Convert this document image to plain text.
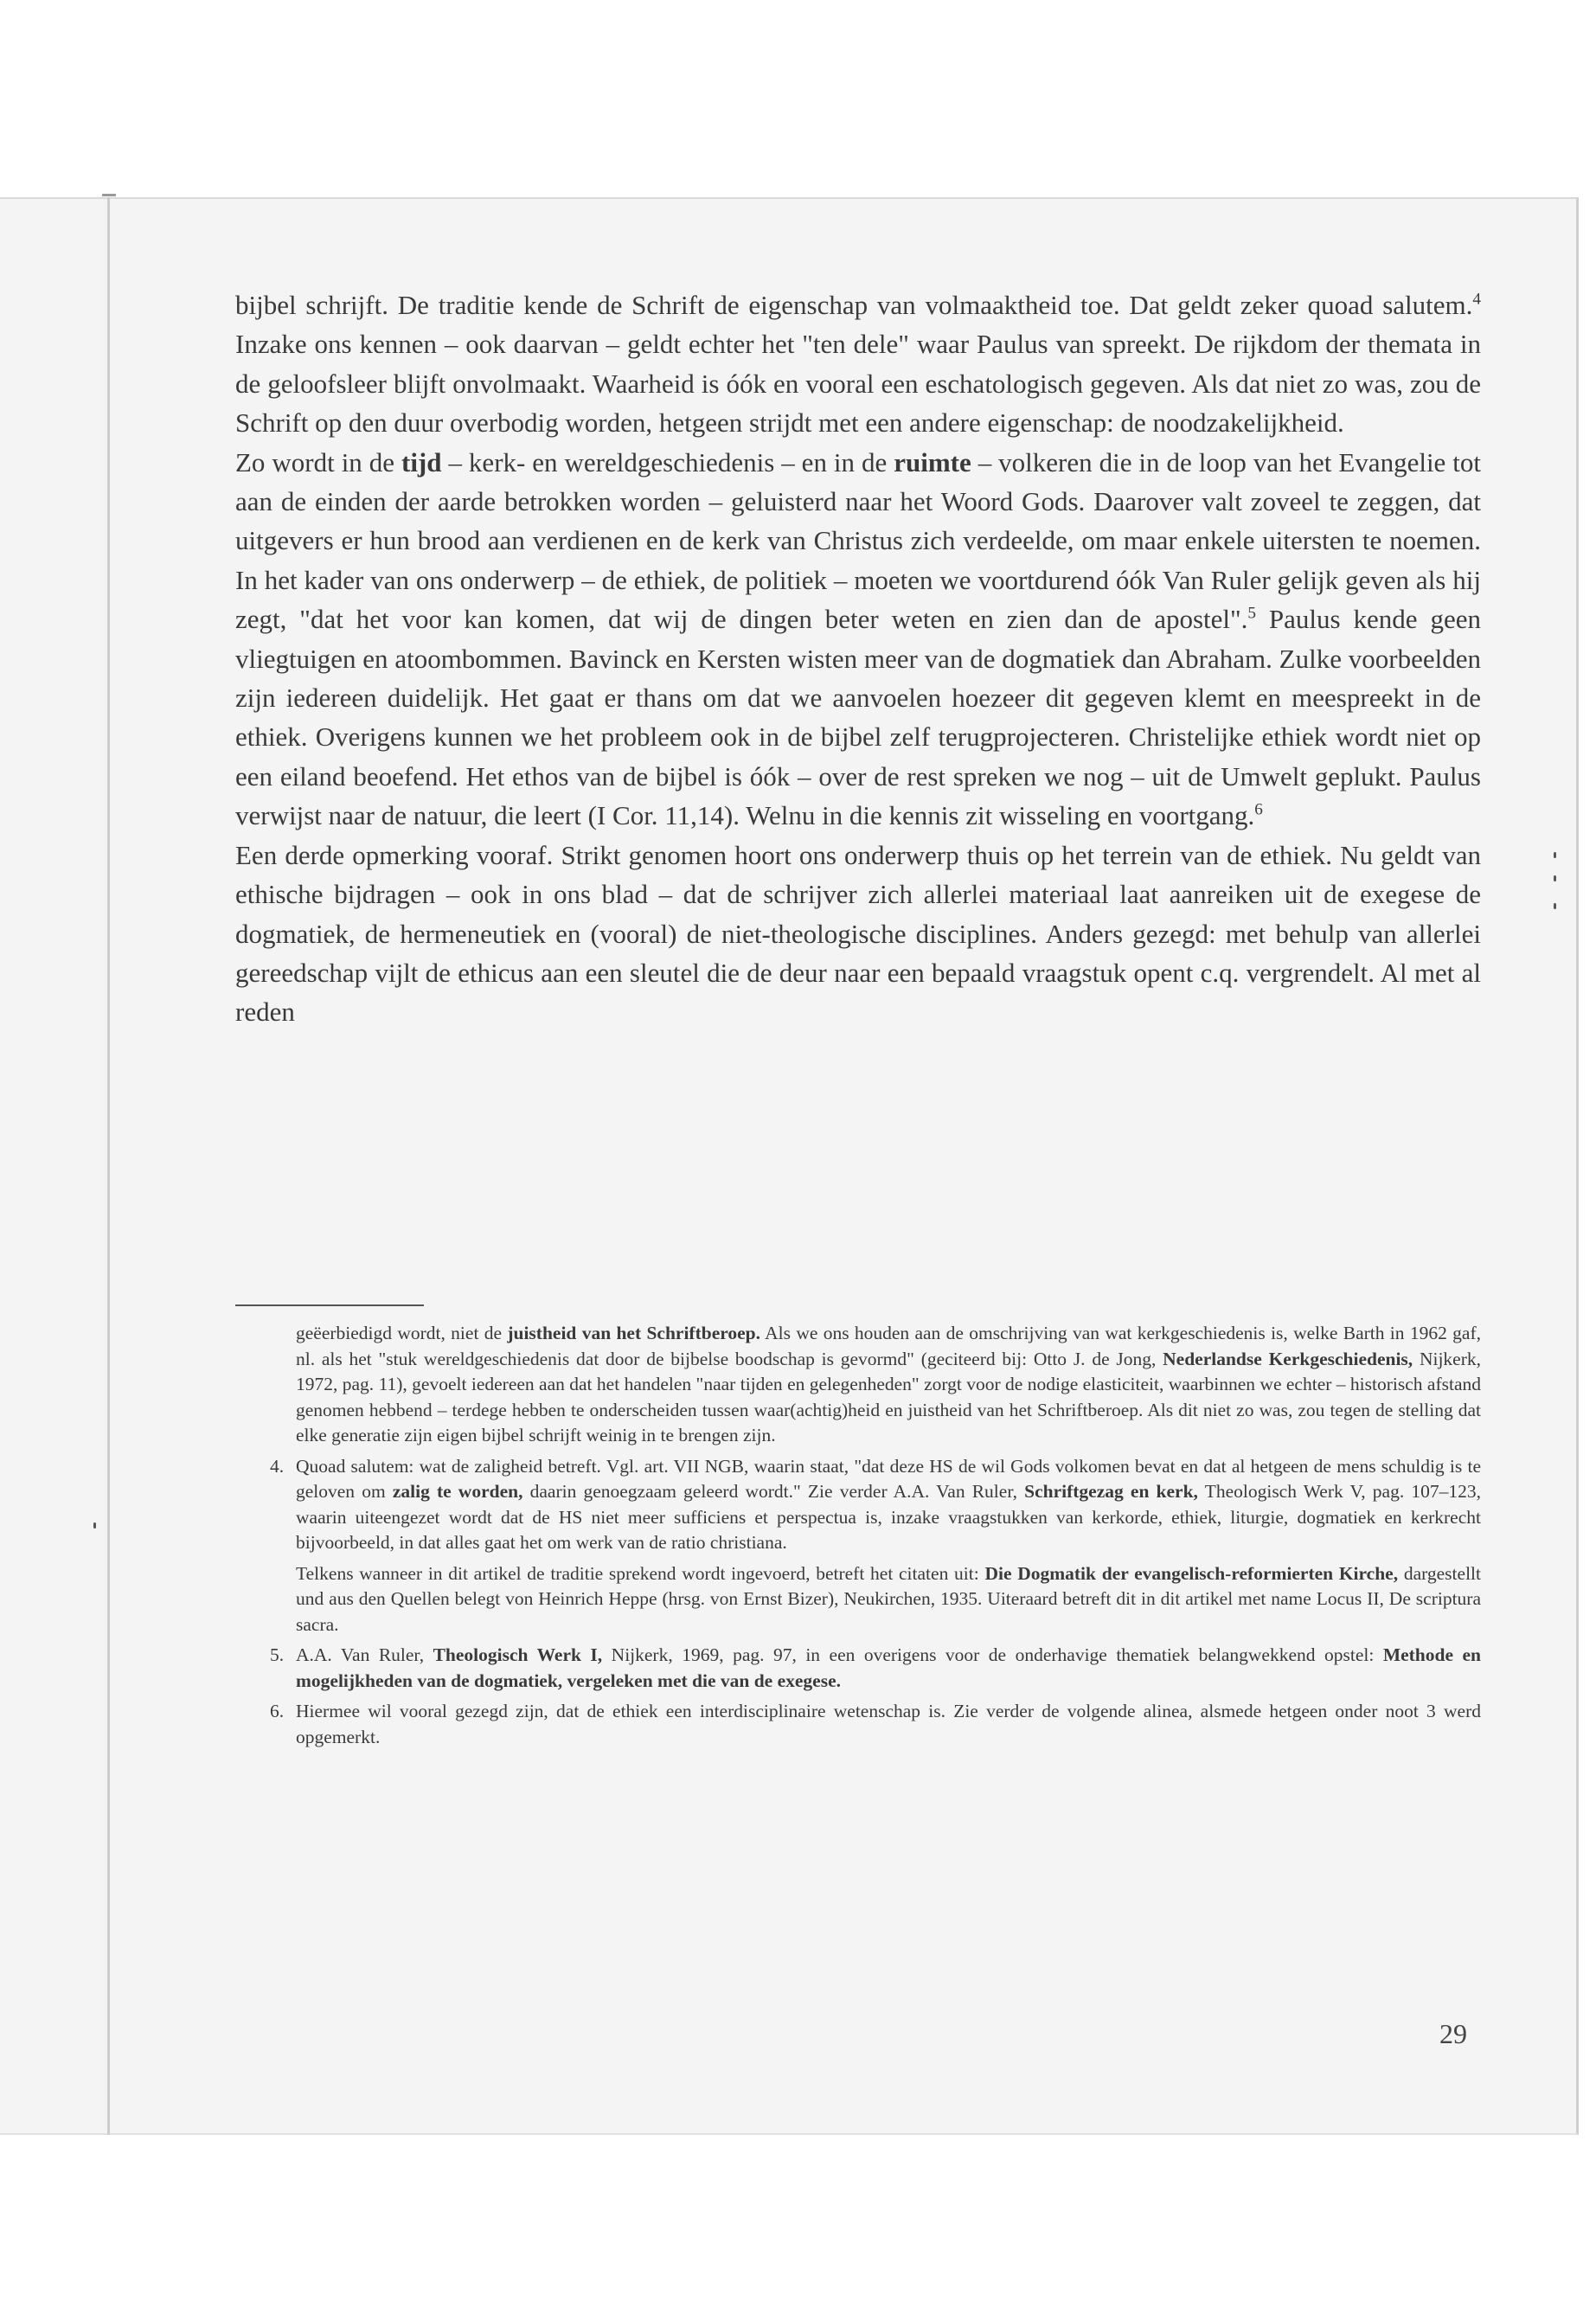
bijbel schrijft. De traditie kende de Schrift de eigenschap van volmaaktheid toe. Dat geldt zeker quoad salutem.$^4$ Inzake ons kennen – ook daarvan – geldt echter het "ten dele" waar Paulus van spreekt. De rijkdom der themata in de geloofsleer blijft onvolmaakt. Waarheid is óók en vooral een eschatologisch gegeven. Als dat niet zo was, zou de Schrift op den duur overbodig worden, hetgeen strijdt met een andere eigenschap: de noodzakelijkheid.

Zo wordt in de tijd – kerk- en wereldgeschiedenis – en in de ruimte – volkeren die in de loop van het Evangelie tot aan de einden der aarde betrokken worden – geluisterd naar het Woord Gods. Daarover valt zoveel te zeggen, dat uitgevers er hun brood aan verdienen en de kerk van Christus zich verdeelde, om maar enkele uitersten te noemen. In het kader van ons onderwerp – de ethiek, de politiek – moeten we voortdurend óók Van Ruler gelijk geven als hij zegt, "dat het voor kan komen, dat wij de dingen beter weten en zien dan de apostel".$^5$ Paulus kende geen vliegtuigen en atoombommen. Bavinck en Kersten wisten meer van de dogmatiek dan Abraham. Zulke voorbeelden zijn iedereen duidelijk. Het gaat er thans om dat we aanvoelen hoezeer dit gegeven klemt en meespreekt in de ethiek. Overigens kunnen we het probleem ook in de bijbel zelf terugprojecteren. Christelijke ethiek wordt niet op een eiland beoefend. Het ethos van de bijbel is óók – over de rest spreken we nog – uit de Umwelt geplukt. Paulus verwijst naar de natuur, die leert (I Cor. 11,14). Welnu in die kennis zit wisseling en voortgang.$^6$

Een derde opmerking vooraf. Strikt genomen hoort ons onderwerp thuis op het terrein van de ethiek. Nu geldt van ethische bijdragen – ook in ons blad – dat de schrijver zich allerlei materiaal laat aanreiken uit de exegese de dogmatiek, de hermeneutiek en (vooral) de niet-theologische disciplines. Anders gezegd: met behulp van allerlei gereedschap vijlt de ethicus aan een sleutel die de deur naar een bepaald vraagstuk opent c.q. vergrendelt. Al met al reden

geëerbiedigd wordt, niet de juistheid van het Schriftberoep. Als we ons houden aan de omschrijving van wat kerkgeschiedenis is, welke Barth in 1962 gaf, nl. als het "stuk wereldgeschiedenis dat door de bijbelse boodschap is gevormd" (geciteerd bij: Otto J. de Jong, Nederlandse Kerkgeschiedenis, Nijkerk, 1972, pag. 11), gevoelt iedereen aan dat het handelen "naar tijden en gelegenheden" zorgt voor de nodige elasticiteit, waarbinnen we echter – historisch afstand genomen hebbend – terdege hebben te onderscheiden tussen waar(achtig)heid en juistheid van het Schriftberoep. Als dit niet zo was, zou tegen de stelling dat elke generatie zijn eigen bijbel schrijft weinig in te brengen zijn.

4. Quoad salutem: wat de zaligheid betreft. Vgl. art. VII NGB, waarin staat, "dat deze HS de wil Gods volkomen bevat en dat al hetgeen de mens schuldig is te geloven om zalig te worden, daarin genoegzaam geleerd wordt." Zie verder A.A. Van Ruler, Schriftgezag en kerk, Theologisch Werk V, pag. 107–123, waarin uiteengezet wordt dat de HS niet meer sufficiens et perspectua is, inzake vraagstukken van kerkorde, ethiek, liturgie, dogmatiek en kerkrecht bijvoorbeeld, in dat alles gaat het om werk van de ratio christiana.

Telkens wanneer in dit artikel de traditie sprekend wordt ingevoerd, betreft het citaten uit: Die Dogmatik der evangelisch-reformierten Kirche, dargestellt und aus den Quellen belegt von Heinrich Heppe (hrsg. von Ernst Bizer), Neukirchen, 1935. Uiteraard betreft dit in dit artikel met name Locus II, De scriptura sacra.

5. A.A. Van Ruler, Theologisch Werk I, Nijkerk, 1969, pag. 97, in een overigens voor de onderhavige thematiek belangwekkend opstel: Methode en mogelijkheden van de dogmatiek, vergeleken met die van de exegese.

6. Hiermee wil vooral gezegd zijn, dat de ethiek een interdisciplinaire wetenschap is. Zie verder de volgende alinea, alsmede hetgeen onder noot 3 werd opgemerkt.

29
